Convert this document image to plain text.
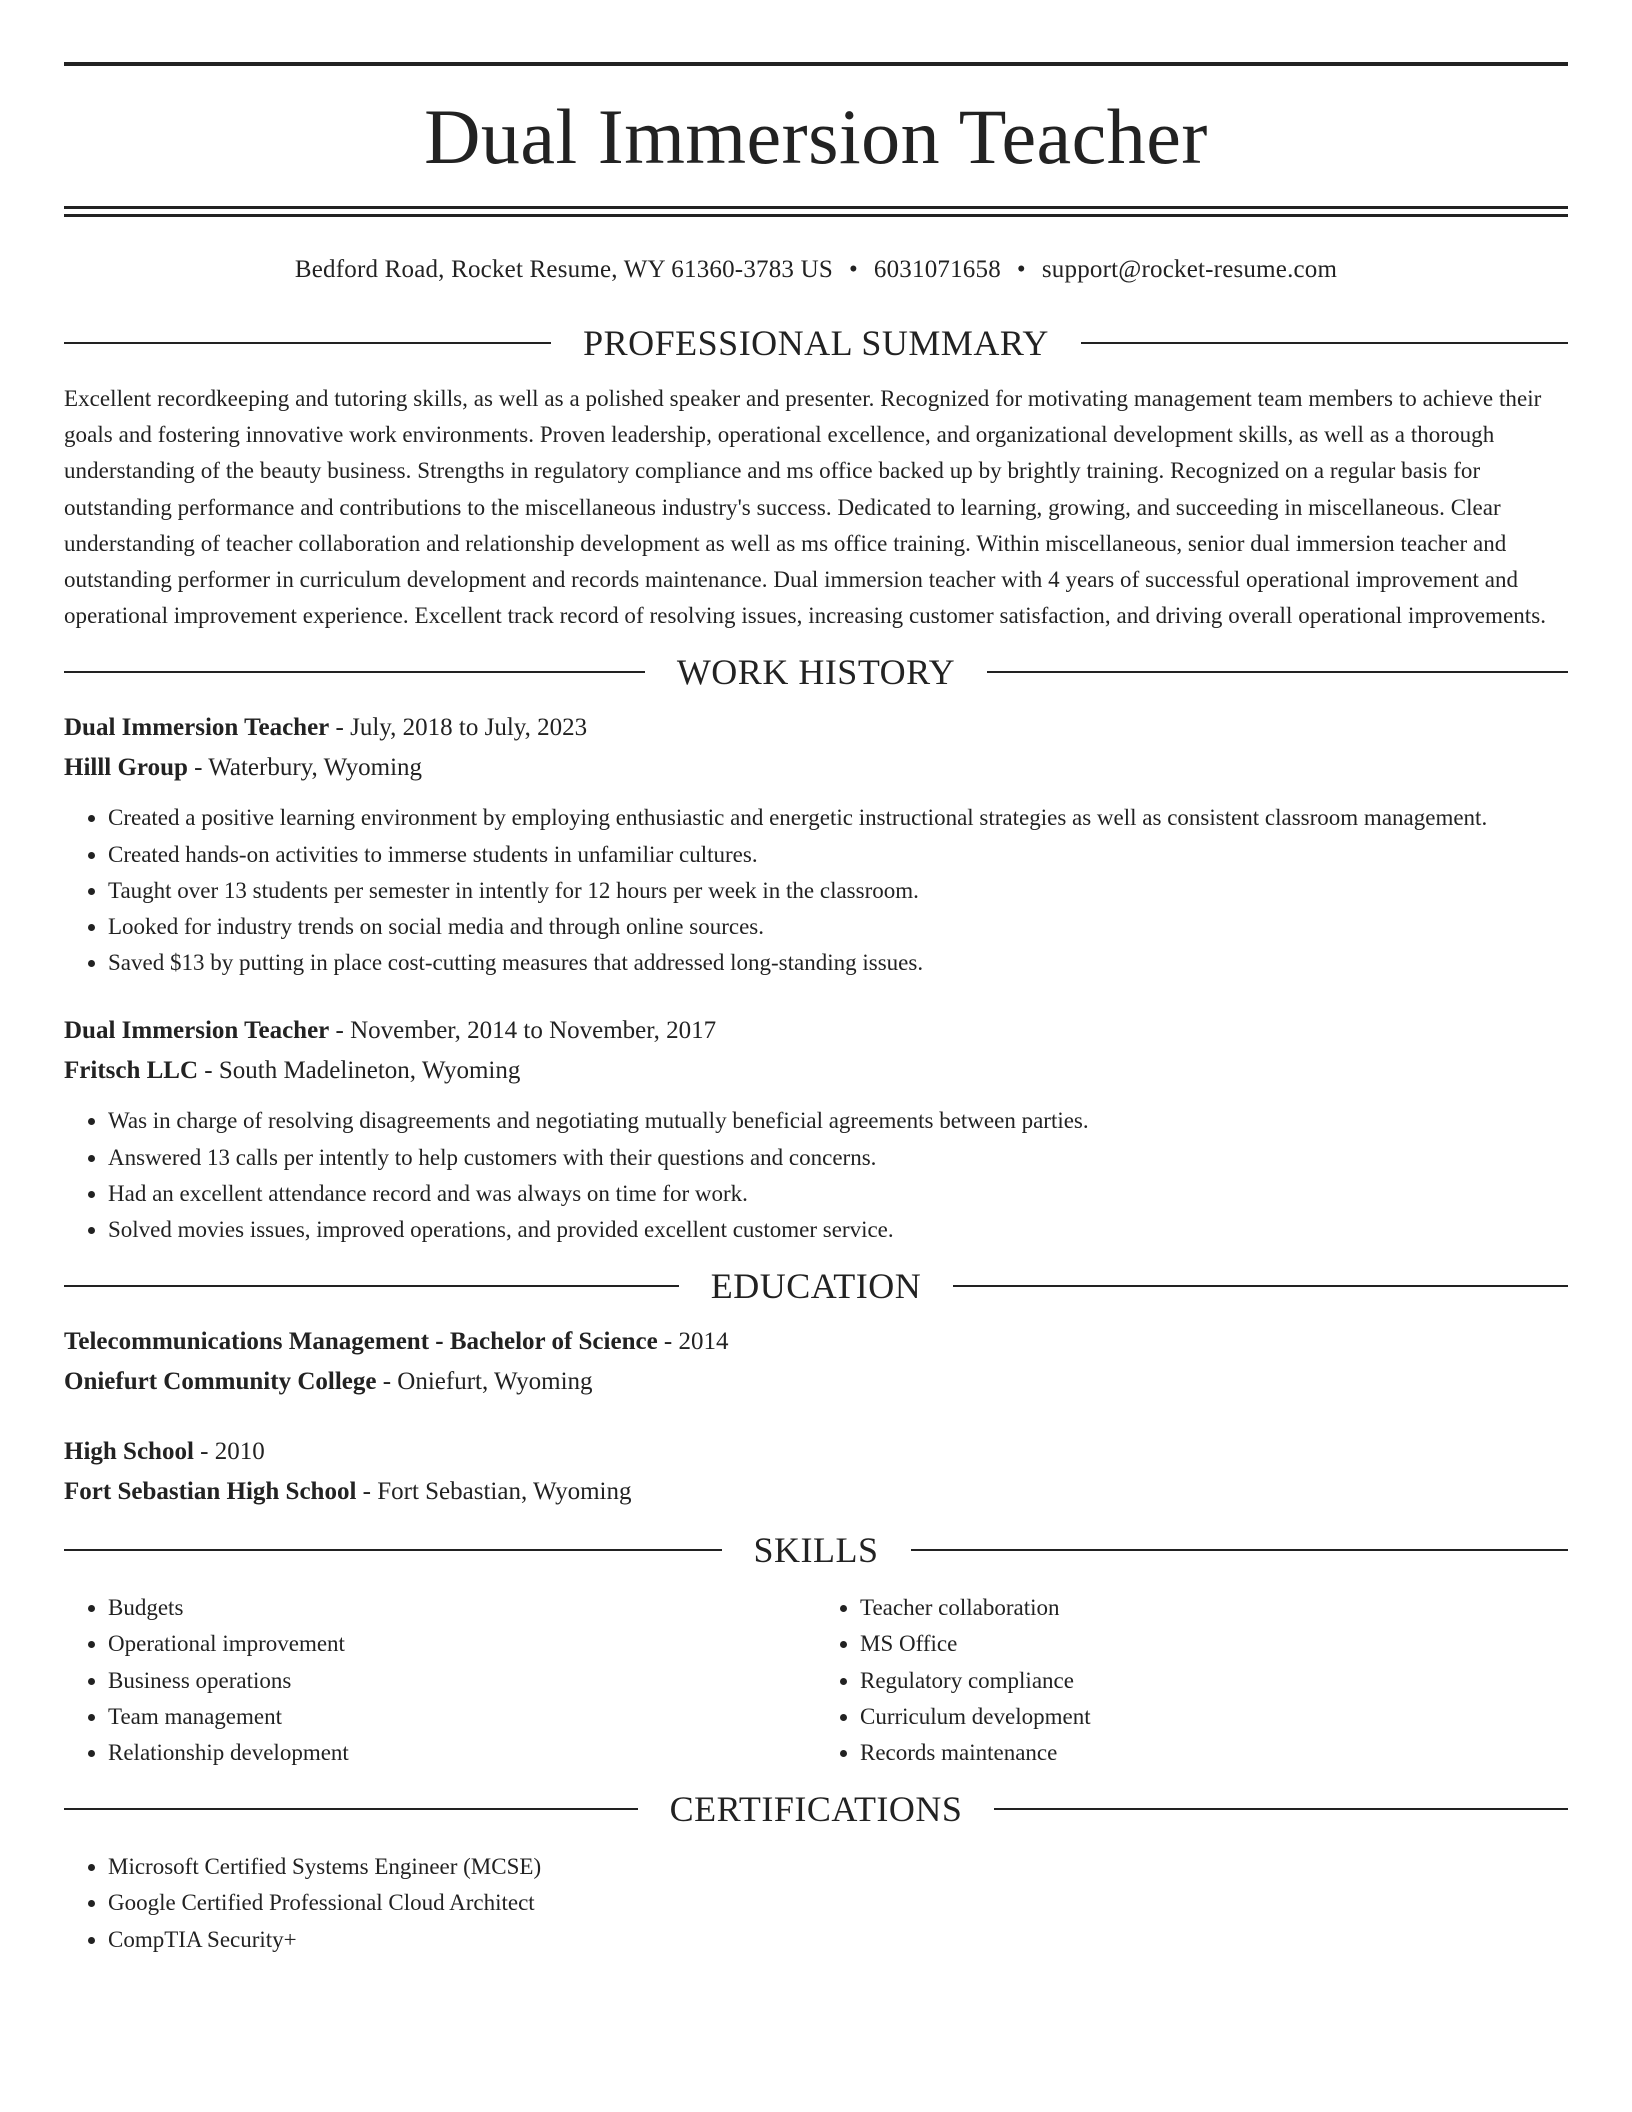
Dual Immersion Teacher
Bedford Road, Rocket Resume, WY 61360-3783 US • 6031071658 • support@rocket-resume.com
PROFESSIONAL SUMMARY

Excellent recordkeeping and tutoring skills, as well as a polished speaker and presenter. Recognized for motivating management team members to achieve their goals and fostering innovative work environments. Proven leadership, operational excellence, and organizational development skills, as well as a thorough understanding of the beauty business. Strengths in regulatory compliance and ms office backed up by brightly training. Recognized on a regular basis for outstanding performance and contributions to the miscellaneous industry's success. Dedicated to learning, growing, and succeeding in miscellaneous. Clear understanding of teacher collaboration and relationship development as well as ms office training. Within miscellaneous, senior dual immersion teacher and outstanding performer in curriculum development and records maintenance. Dual immersion teacher with 4 years of successful operational improvement and operational improvement experience. Excellent track record of resolving issues, increasing customer satisfaction, and driving overall operational improvements.

WORK HISTORY
Dual Immersion Teacher - July, 2018 to July, 2023
Hilll Group - Waterbury, Wyoming
• Created a positive learning environment by employing enthusiastic and energetic instructional strategies as well as consistent classroom management.
• Created hands-on activities to immerse students in unfamiliar cultures.
• Taught over 13 students per semester in intently for 12 hours per week in the classroom.
• Looked for industry trends on social media and through online sources.
• Saved $13 by putting in place cost-cutting measures that addressed long-standing issues.
Dual Immersion Teacher - November, 2014 to November, 2017
Fritsch LLC - South Madelineton, Wyoming
• Was in charge of resolving disagreements and negotiating mutually beneficial agreements between parties.
• Answered 13 calls per intently to help customers with their questions and concerns.
• Had an excellent attendance record and was always on time for work.
• Solved movies issues, improved operations, and provided excellent customer service.
EDUCATION
Telecommunications Management - Bachelor of Science - 2014
Oniefurt Community College - Oniefurt, Wyoming
High School - 2010
Fort Sebastian High School - Fort Sebastian, Wyoming
SKILLS
• Budgets
• Operational improvement
• Business operations
• Team management
• Relationship development
• Teacher collaboration
• MS Office
• Regulatory compliance
• Curriculum development
• Records maintenance
CERTIFICATIONS
• Microsoft Certified Systems Engineer (MCSE)
• Google Certified Professional Cloud Architect
• CompTIA Security+
